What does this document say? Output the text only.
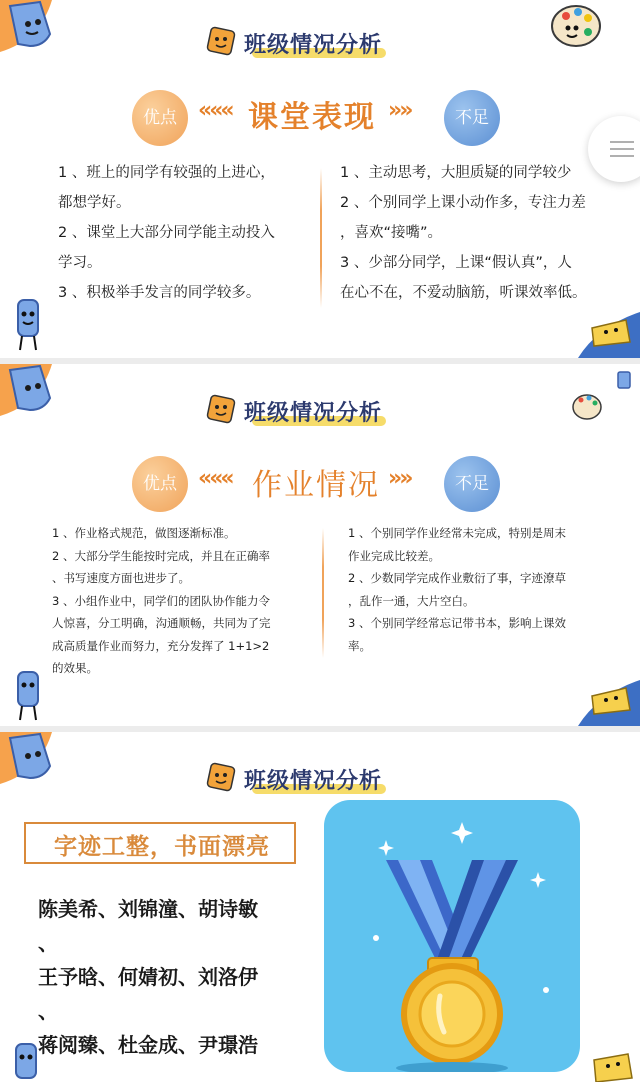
班级情况分析
优点 ««« 课堂表现 »»	不足

1 、班上的同学有较强的上进心，

都想学好。

2 、课堂上大部分同学能主动投入

学习。

3 、积极举手发言的同学较多。

1 、主动思考，大胆质疑的同学较少

2 、个别同学上课小动作多，专注力差

，喜欢“接嘴”。

3 、少部分同学，上课“假认真”，人

在心不在，不爱动脑筋，听课效率低。

班级情况分析
优点 ««« 作业情况 »»	不足

1 、作业格式规范，做图逐渐标准。

2 、大部分学生能按时完成，并且在正确率

、书写速度方面也进步了。

3 、小组作业中，同学们的团队协作能力令

人惊喜，分工明确，沟通顺畅，共同为了完

成高质量作业而努力，充分发挥了 1+1>2

的效果。

1 、个别同学作业经常未完成，特别是周末

作业完成比较差。

2 、少数同学完成作业敷衍了事，字迹潦草

，乱作一通，大片空白。

3 、个别同学经常忘记带书本，影响上课效

率。

班级情况分析
字迹工整，书面漂亮

陈美希、刘锦潼、胡诗敏

、

王予晗、何婧初、刘洛伊

、

蒋阅臻、杜金成、尹璟浩
